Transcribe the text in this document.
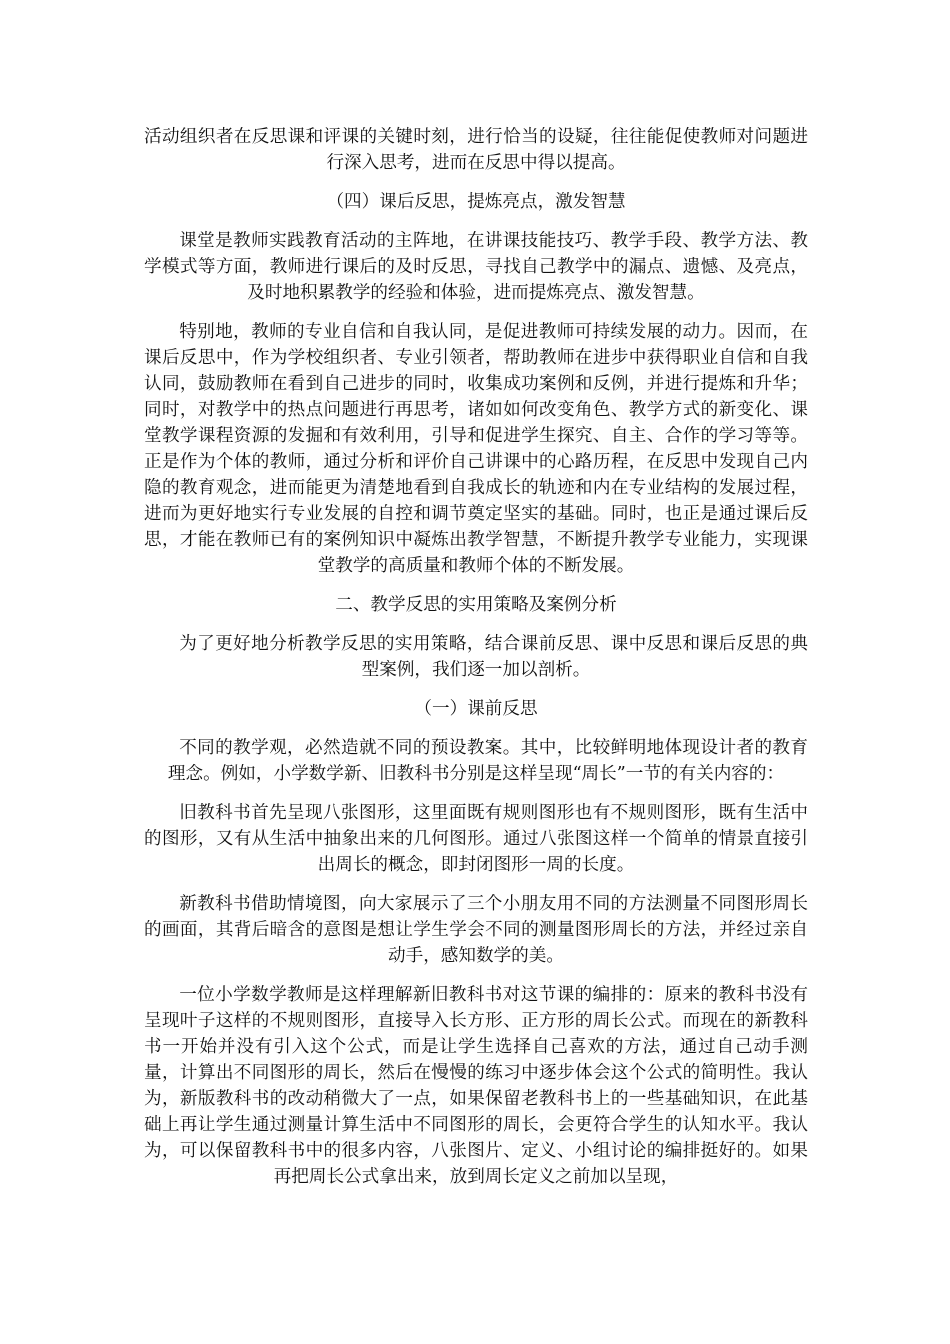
活动组织者在反思课和评课的关键时刻，进行恰当的设疑，往往能促使教师对问题进行深入思考，进而在反思中得以提高。

（四）课后反思，提炼亮点，激发智慧

课堂是教师实践教育活动的主阵地，在讲课技能技巧、教学手段、教学方法、教学模式等方面，教师进行课后的及时反思，寻找自己教学中的漏点、遗憾、及亮点，及时地积累教学的经验和体验，进而提炼亮点、激发智慧。

特别地，教师的专业自信和自我认同，是促进教师可持续发展的动力。因而，在课后反思中，作为学校组织者、专业引领者，帮助教师在进步中获得职业自信和自我认同，鼓励教师在看到自己进步的同时，收集成功案例和反例，并进行提炼和升华；同时，对教学中的热点问题进行再思考，诸如如何改变角色、教学方式的新变化、课堂教学课程资源的发掘和有效利用，引导和促进学生探究、自主、合作的学习等等。正是作为个体的教师，通过分析和评价自己讲课中的心路历程，在反思中发现自己内隐的教育观念，进而能更为清楚地看到自我成长的轨迹和内在专业结构的发展过程，进而为更好地实行专业发展的自控和调节奠定坚实的基础。同时，也正是通过课后反思，才能在教师已有的案例知识中凝炼出教学智慧，不断提升教学专业能力，实现课堂教学的高质量和教师个体的不断发展。

二、教学反思的实用策略及案例分析

为了更好地分析教学反思的实用策略，结合课前反思、课中反思和课后反思的典型案例，我们逐一加以剖析。

（一）课前反思

不同的教学观，必然造就不同的预设教案。其中，比较鲜明地体现设计者的教育理念。例如，小学数学新、旧教科书分别是这样呈现“周长”一节的有关内容的：

旧教科书首先呈现八张图形，这里面既有规则图形也有不规则图形，既有生活中的图形，又有从生活中抽象出来的几何图形。通过八张图这样一个简单的情景直接引出周长的概念，即封闭图形一周的长度。

新教科书借助情境图，向大家展示了三个小朋友用不同的方法测量不同图形周长的画面，其背后暗含的意图是想让学生学会不同的测量图形周长的方法，并经过亲自动手，感知数学的美。

一位小学数学教师是这样理解新旧教科书对这节课的编排的：原来的教科书没有呈现叶子这样的不规则图形，直接导入长方形、正方形的周长公式。而现在的新教科书一开始并没有引入这个公式，而是让学生选择自己喜欢的方法，通过自己动手测量，计算出不同图形的周长，然后在慢慢的练习中逐步体会这个公式的简明性。我认为，新版教科书的改动稍微大了一点，如果保留老教科书上的一些基础知识，在此基础上再让学生通过测量计算生活中不同图形的周长，会更符合学生的认知水平。我认为，可以保留教科书中的很多内容，八张图片、定义、小组讨论的编排挺好的。如果再把周长公式拿出来，放到周长定义之前加以呈现，
